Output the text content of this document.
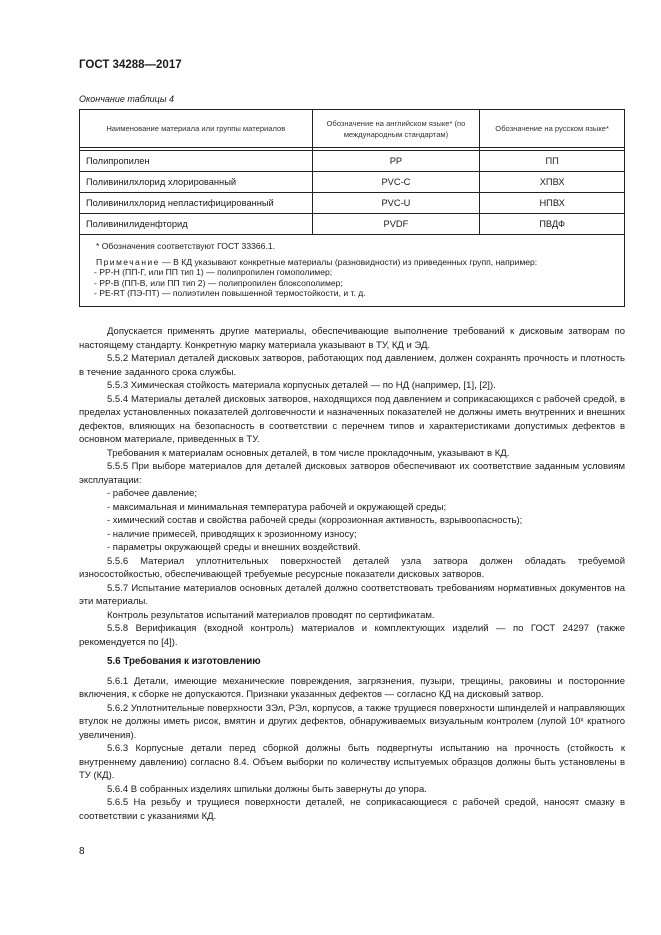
ГОСТ 34288—2017
Окончание таблицы 4
Наименование материала или группы материалов	Обозначение на английском языке* (по международным стандартам)	Обозначение на русском языке*

Полипропилен	PP	ПП
Поливинилхлорид хлорированный	PVC-C	ХПВХ
Поливинилхлорид непластифицированный	PVC-U	НПВХ
Поливинилиденфторид	PVDF	ПВДФ

* Обозначения соответствуют ГОСТ 33366.1.

Примечание — В КД указывают конкретные материалы (разновидности) из приведенных групп, например:

- PP-H (ПП-Г, или ПП тип 1) — полипропилен гомополимер;

- PP-B (ПП-В, или ПП тип 2) — полипропилен блоксополимер;

- PE-RT (ПЭ-ПТ) — полиэтилен повышенной термостойкости, и т. д.		

Допускается применять другие материалы, обеспечивающие выполнение требований к дисковым затворам по настоящему стандарту. Конкретную марку материала указывают в ТУ, КД и ЭД.

5.5.2 Материал деталей дисковых затворов, работающих под давлением, должен сохранять прочность и плотность в течение заданного срока службы.

5.5.3 Химическая стойкость материала корпусных деталей — по НД (например, [1], [2]).

5.5.4 Материалы деталей дисковых затворов, находящихся под давлением и соприкасающихся с рабочей средой, в пределах установленных показателей долговечности и назначенных показателей не должны иметь внутренних и внешних дефектов, влияющих на безопасность в соответствии с перечнем типов и характеристиками допустимых дефектов в основном материале, приведенных в ТУ.

Требования к материалам основных деталей, в том числе прокладочным, указывают в КД.

5.5.5 При выборе материалов для деталей дисковых затворов обеспечивают их соответствие заданным условиям эксплуатации:

- рабочее давление;

- максимальная и минимальная температура рабочей и окружающей среды;

- химический состав и свойства рабочей среды (коррозионная активность, взрывоопасность);

- наличие примесей, приводящих к эрозионному износу;

- параметры окружающей среды и внешних воздействий.

5.5.6 Материал уплотнительных поверхностей деталей узла затвора должен обладать требуемой износостойкостью, обеспечивающей требуемые ресурсные показатели дисковых затворов.

5.5.7 Испытание материалов основных деталей должно соответствовать требованиям нормативных документов на эти материалы.

Контроль результатов испытаний материалов проводят по сертификатам.

5.5.8 Верификация (входной контроль) материалов и комплектующих изделий — по ГОСТ 24297 (также рекомендуется по [4]).

5.6 Требования к изготовлению

5.6.1 Детали, имеющие механические повреждения, загрязнения, пузыри, трещины, раковины и посторонние включения, к сборке не допускаются. Признаки указанных дефектов — согласно КД на дисковый затвор.

5.6.2 Уплотнительные поверхности ЗЭл, РЭл, корпусов, а также трущиеся поверхности шпинделей и направляющих втулок не должны иметь рисок, вмятин и других дефектов, обнаруживаемых визуальным контролем (лупой 10ˣ кратного увеличения).

5.6.3 Корпусные детали перед сборкой должны быть подвергнуты испытанию на прочность (стойкость к внутреннему давлению) согласно 8.4. Объем выборки по количеству испытуемых образцов должны быть установлены в ТУ (КД).

5.6.4 В собранных изделиях шпильки должны быть завернуты до упора.

5.6.5 На резьбу и трущиеся поверхности деталей, не соприкасающиеся с рабочей средой, наносят смазку в соответствии с указаниями КД.

8
